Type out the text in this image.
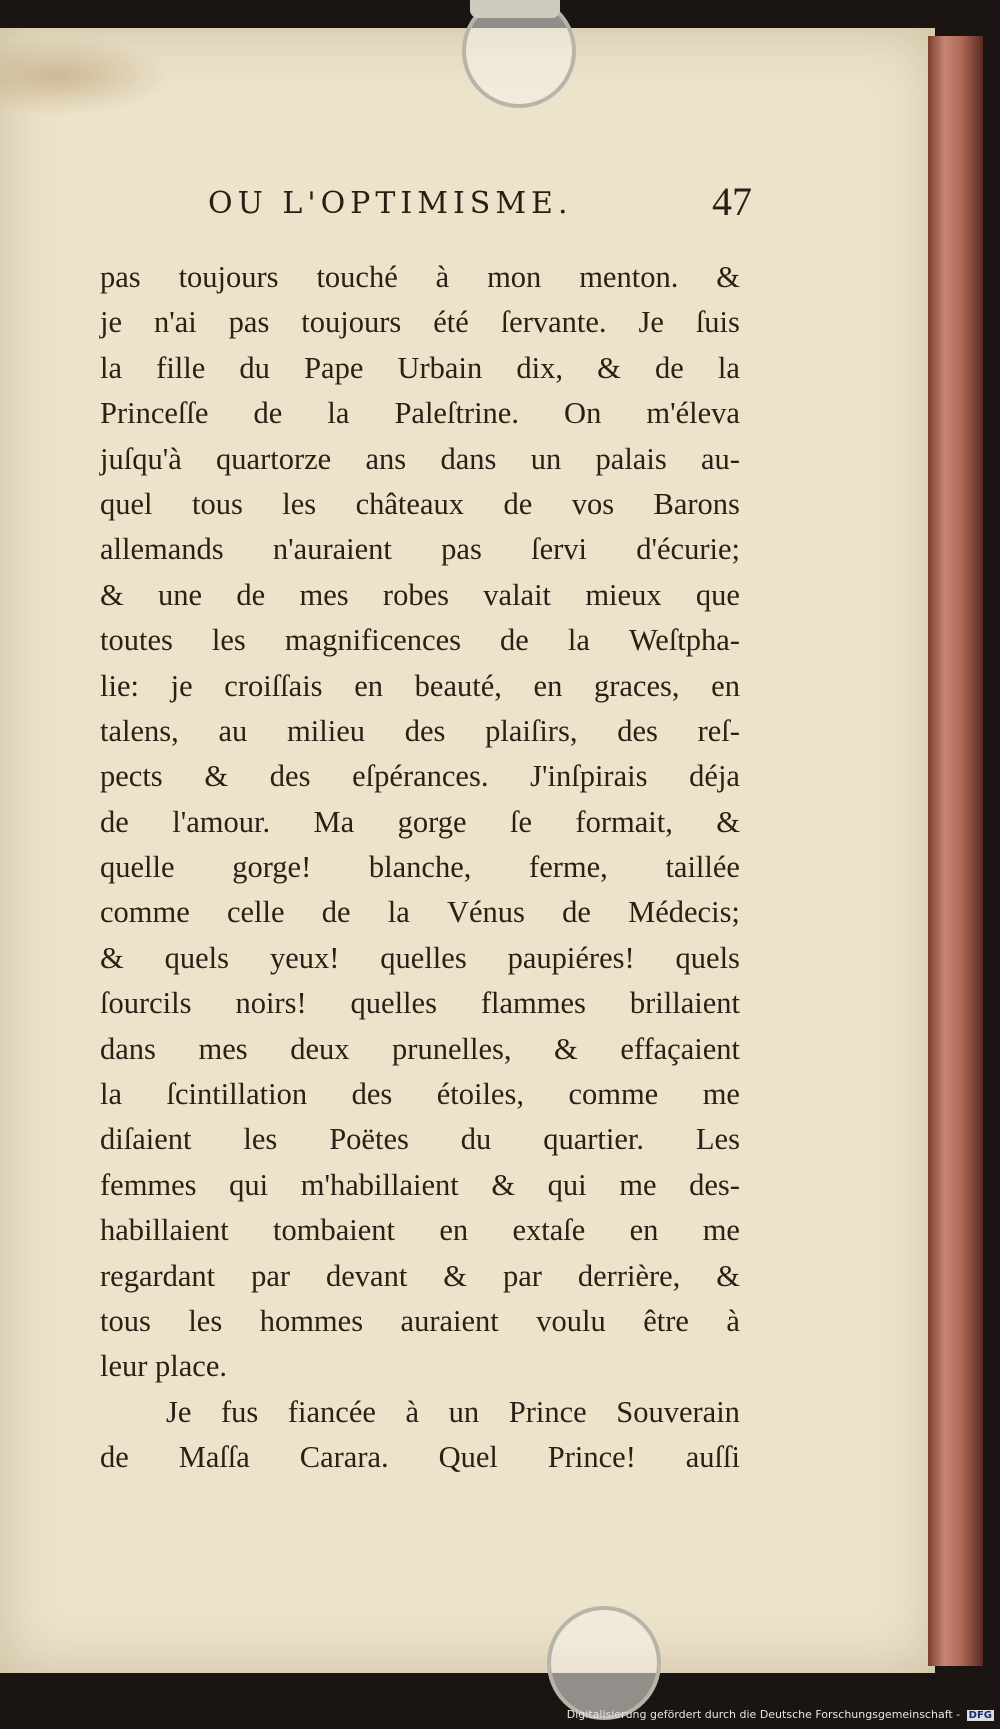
OU L'OPTIMISME.	47
pas toujours touché à mon menton. &
je n'ai pas toujours été ſervante. Je ſuis
la fille du Pape Urbain dix, & de la
Princeſſe de la Paleſtrine. On m'éleva
juſqu'à quartorze ans dans un palais au-
quel tous les châteaux de vos Barons
allemands n'auraient pas ſervi d'écurie;
& une de mes robes valait mieux que
toutes les magnificences de la Weſtpha-
lie: je croiſſais en beauté, en graces, en
talens, au milieu des plaiſirs, des reſ-
pects & des eſpérances. J'inſpirais déja
de l'amour. Ma gorge ſe formait, &
quelle gorge! blanche, ferme, taillée
comme celle de la Vénus de Médecis;
& quels yeux! quelles paupiéres! quels
ſourcils noirs! quelles flammes brillaient
dans mes deux prunelles, & effaçaient
la ſcintillation des étoiles, comme me
diſaient les Poëtes du quartier. Les
femmes qui m'habillaient & qui me des-
habillaient tombaient en extaſe en me
regardant par devant & par derrière, &
tous les hommes auraient voulu être à
leur place.
Je fus fiancée à un Prince Souverain
de Maſſa Carara. Quel Prince! auſſi
Digitalisierung gefördert durch die Deutsche Forschungsgemeinschaft - DFG
